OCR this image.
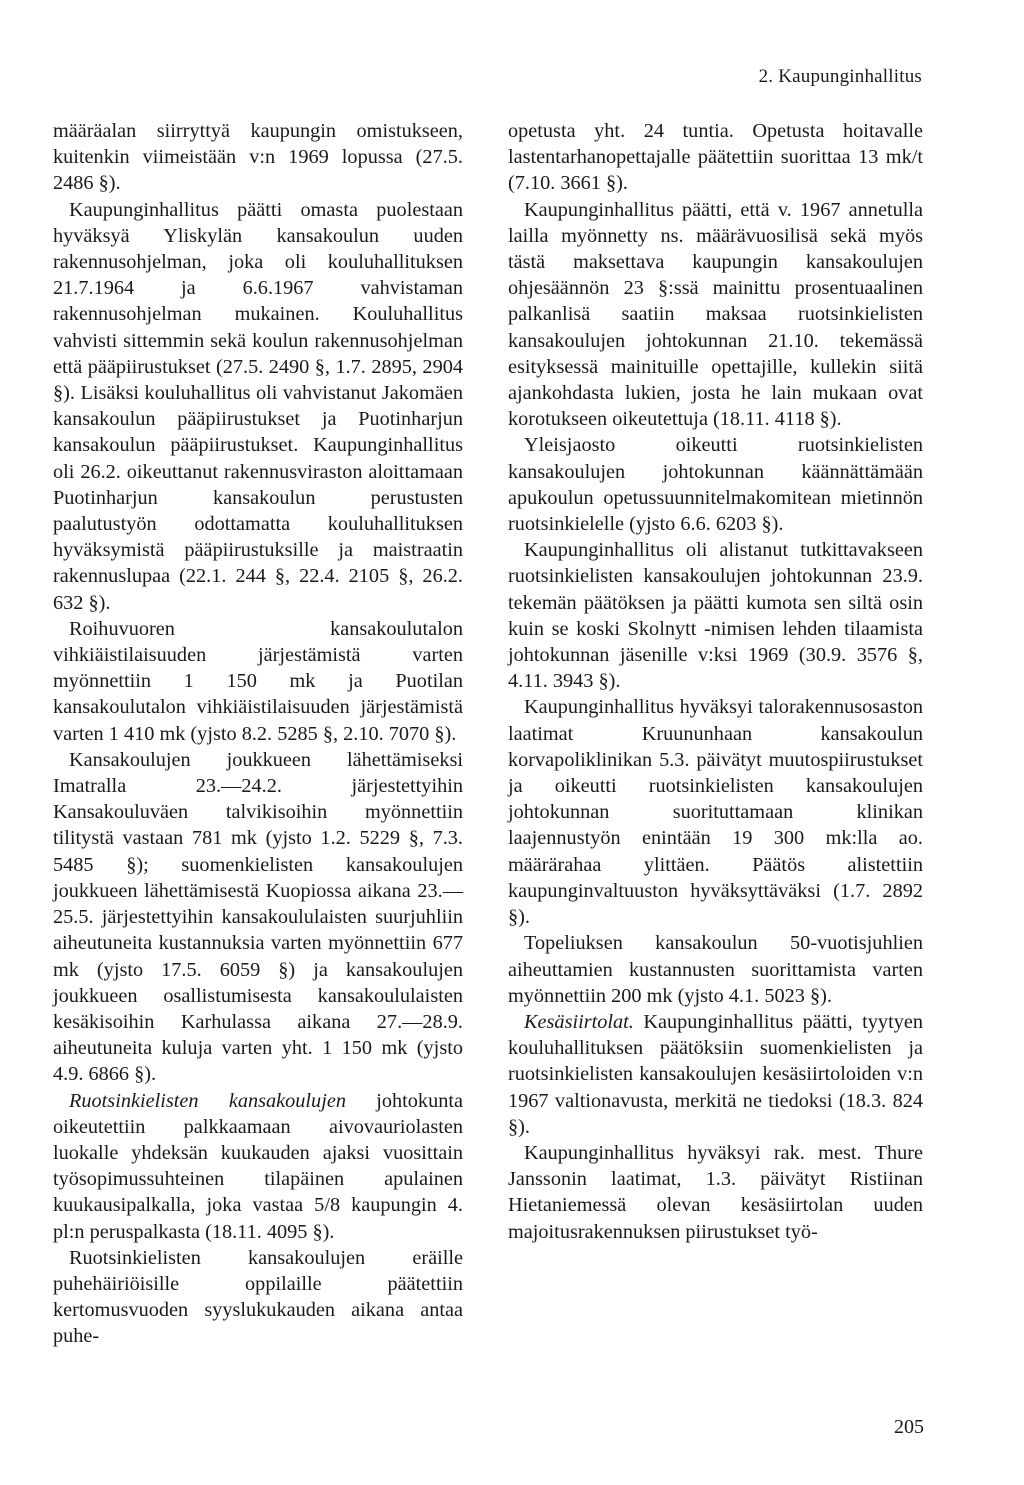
2. Kaupunginhallitus

määräalan siirryttyä kaupungin omistukseen, kuitenkin viimeistään v:n 1969 lopussa (27.5. 2486 §).

Kaupunginhallitus päätti omasta puolestaan hyväksyä Yliskylän kansakoulun uuden rakennusohjelman, joka oli kouluhallituksen 21.7.1964 ja 6.6.1967 vahvistaman rakennusohjelman mukainen. Kouluhallitus vahvisti sittemmin sekä koulun rakennusohjelman että pääpiirustukset (27.5. 2490 §, 1.7. 2895, 2904 §). Lisäksi kouluhallitus oli vahvistanut Jakomäen kansakoulun pääpiirustukset ja Puotinharjun kansakoulun pääpiirustukset. Kaupunginhallitus oli 26.2. oikeuttanut rakennusviraston aloittamaan Puotinharjun kansakoulun perustusten paalutustyön odottamatta kouluhallituksen hyväksymistä pääpiirustuksille ja maistraatin rakennuslupaa (22.1. 244 §, 22.4. 2105 §, 26.2. 632 §).

Roihuvuoren kansakoulutalon vihkiäistilaisuuden järjestämistä varten myönnettiin 1 150 mk ja Puotilan kansakoulutalon vihkiäistilaisuuden järjestämistä varten 1 410 mk (yjsto 8.2. 5285 §, 2.10. 7070 §).

Kansakoulujen joukkueen lähettämiseksi Imatralla 23.—24.2. järjestettyihin Kansakouluväen talvikisoihin myönnettiin tilitystä vastaan 781 mk (yjsto 1.2. 5229 §, 7.3. 5485 §); suomenkielisten kansakoulujen joukkueen lähettämisestä Kuopiossa aikana 23.—25.5. järjestettyihin kansakoululaisten suurjuhliin aiheutuneita kustannuksia varten myönnettiin 677 mk (yjsto 17.5. 6059 §) ja kansakoulujen joukkueen osallistumisesta kansakoululaisten kesäkisoihin Karhulassa aikana 27.—28.9. aiheutuneita kuluja varten yht. 1 150 mk (yjsto 4.9. 6866 §).

Ruotsinkielisten kansakoulujen johtokunta oikeutettiin palkkaamaan aivovauriolasten luokalle yhdeksän kuukauden ajaksi vuosittain työsopimussuhteinen tilapäinen apulainen kuukausipalkalla, joka vastaa 5/8 kaupungin 4. pl:n peruspalkasta (18.11. 4095 §).

Ruotsinkielisten kansakoulujen eräille puhehäiriöisille oppilaille päätettiin kertomusvuoden syyslukukauden aikana antaa puhe-

opetusta yht. 24 tuntia. Opetusta hoitavalle lastentarhanopettajalle päätettiin suorittaa 13 mk/t (7.10. 3661 §).

Kaupunginhallitus päätti, että v. 1967 annetulla lailla myönnetty ns. määrävuosilisä sekä myös tästä maksettava kaupungin kansakoulujen ohjesäännön 23 §:ssä mainittu prosentuaalinen palkanlisä saatiin maksaa ruotsinkielisten kansakoulujen johtokunnan 21.10. tekemässä esityksessä mainituille opettajille, kullekin siitä ajankohdasta lukien, josta he lain mukaan ovat korotukseen oikeutettuja (18.11. 4118 §).

Yleisjaosto oikeutti ruotsinkielisten kansakoulujen johtokunnan käännättämään apukoulun opetussuunnitelmakomitean mietinnön ruotsinkielelle (yjsto 6.6. 6203 §).

Kaupunginhallitus oli alistanut tutkittavakseen ruotsinkielisten kansakoulujen johtokunnan 23.9. tekemän päätöksen ja päätti kumota sen siltä osin kuin se koski Skolnytt -nimisen lehden tilaamista johtokunnan jäsenille v:ksi 1969 (30.9. 3576 §, 4.11. 3943 §).

Kaupunginhallitus hyväksyi talorakennusosaston laatimat Kruununhaan kansakoulun korvapoliklinikan 5.3. päivätyt muutospiirustukset ja oikeutti ruotsinkielisten kansakoulujen johtokunnan suorituttamaan klinikan laajennustyön enintään 19 300 mk:lla ao. määrärahaa ylittäen. Päätös alistettiin kaupunginvaltuuston hyväksyttäväksi (1.7. 2892 §).

Topeliuksen kansakoulun 50-vuotisjuhlien aiheuttamien kustannusten suorittamista varten myönnettiin 200 mk (yjsto 4.1. 5023 §).

Kesäsiirtolat. Kaupunginhallitus päätti, tyytyen kouluhallituksen päätöksiin suomenkielisten ja ruotsinkielisten kansakoulujen kesäsiirtoloiden v:n 1967 valtionavusta, merkitä ne tiedoksi (18.3. 824 §).

Kaupunginhallitus hyväksyi rak. mest. Thure Janssonin laatimat, 1.3. päivätyt Ristiinan Hietaniemessä olevan kesäsiirtolan uuden majoitusrakennuksen piirustukset työ-

205
